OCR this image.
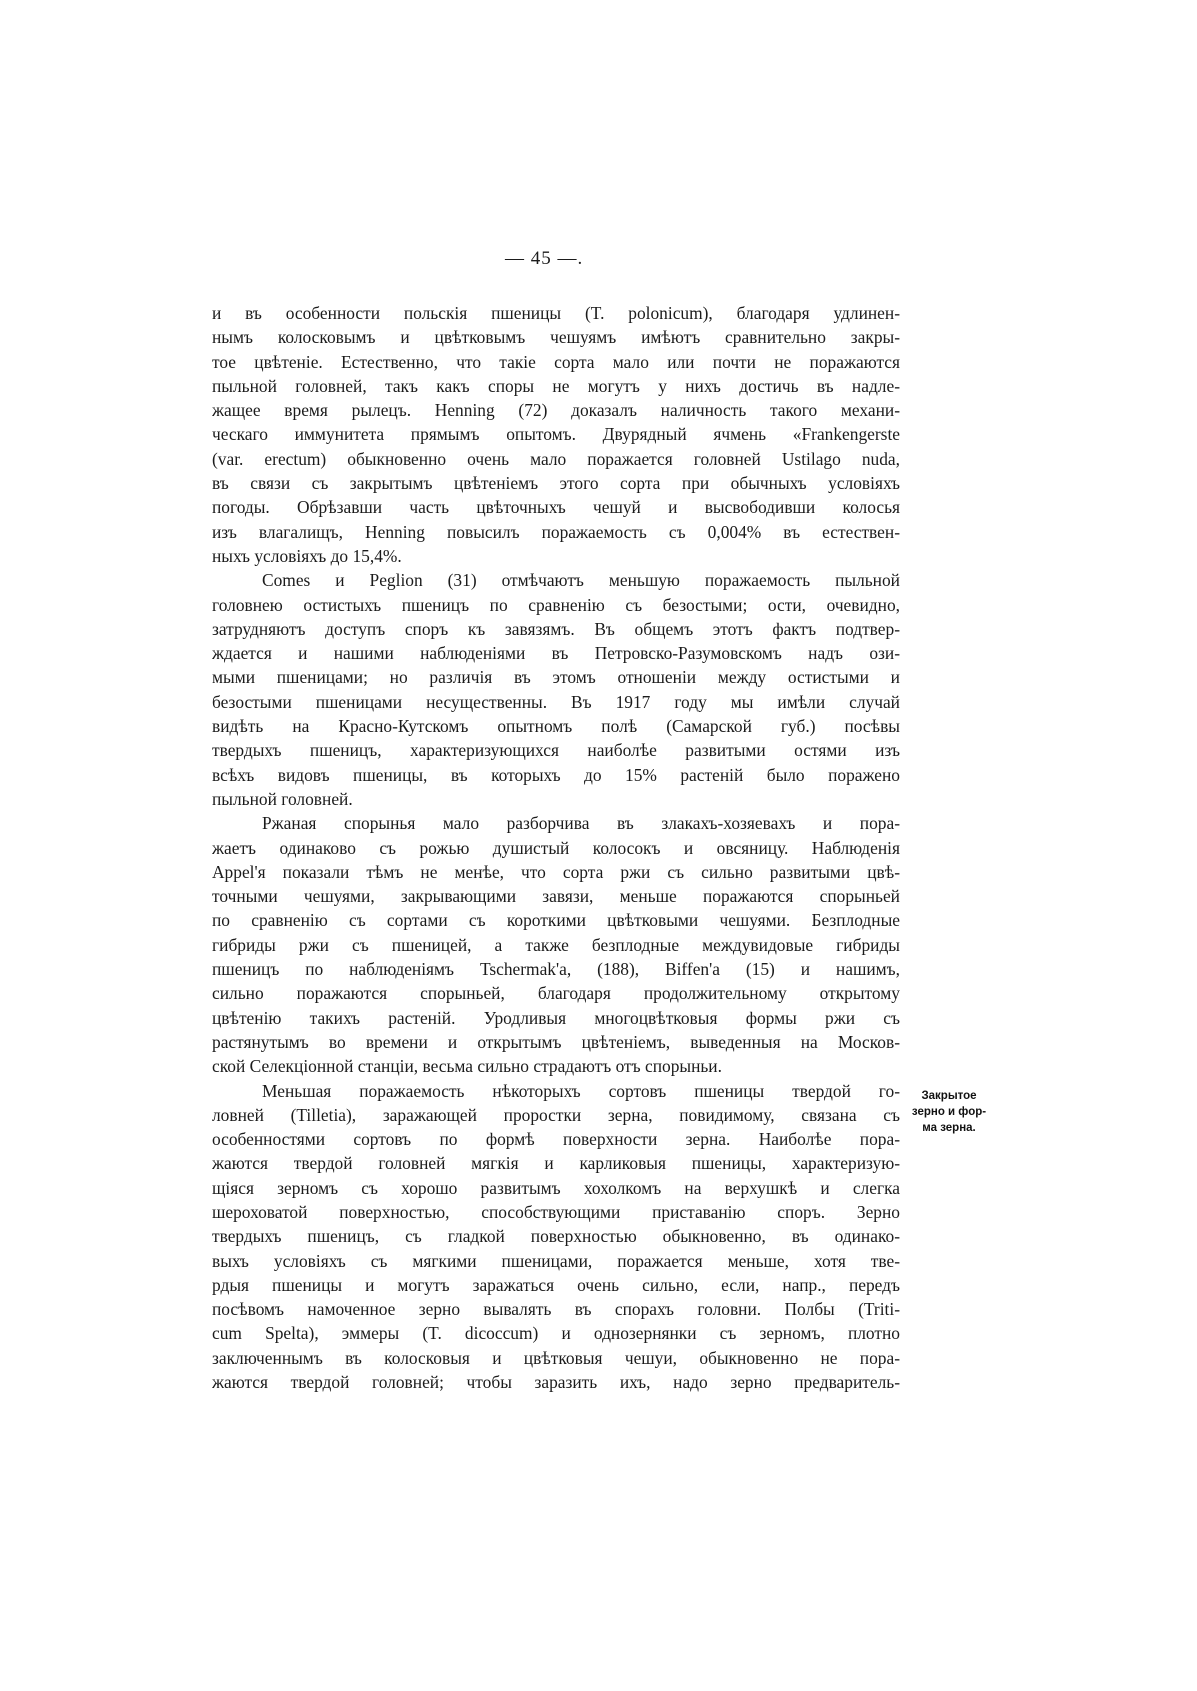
— 45 —.
и въ особенности польскія пшеницы (T. polonicum), благодаря удлинен-
нымъ колосковымъ и цвѣтковымъ чешуямъ имѣютъ сравнительно закры-
тое цвѣтеніе. Естественно, что такіе сорта мало или почти не поражаются
пыльной головней, такъ какъ споры не могутъ у нихъ достичь въ надле-
жащее время рылецъ. Henning (72) доказалъ наличность такого механи-
ческаго иммунитета прямымъ опытомъ. Двурядный ячмень «Frankengerste
(var. erectum) обыкновенно очень мало поражается головней Ustilago nuda,
въ связи съ закрытымъ цвѣтеніемъ этого сорта при обычныхъ условіяхъ
погоды. Обрѣзавши часть цвѣточныхъ чешуй и высвободивши колосья
изъ влагалищъ, Henning повысилъ поражаемость съ 0,004% въ естествен-
ныхъ условіяхъ до 15,4%.
Comes и Peglion (31) отмѣчаютъ меньшую поражаемость пыльной
головнею остистыхъ пшеницъ по сравненію съ безостыми; ости, очевидно,
затрудняютъ доступъ споръ къ завязямъ. Въ общемъ этотъ фактъ подтвер-
ждается и нашими наблюденіями въ Петровско-Разумовскомъ надъ ози-
мыми пшеницами; но различія въ этомъ отношеніи между остистыми и
безостыми пшеницами несущественны. Въ 1917 году мы имѣли случай
видѣть на Красно-Кутскомъ опытномъ полѣ (Самарской губ.) посѣвы
твердыхъ пшеницъ, характеризующихся наиболѣе развитыми остями изъ
всѣхъ видовъ пшеницы, въ которыхъ до 15% растеній было поражено
пыльной головней.
Ржаная спорынья мало разборчива въ злакахъ-хозяевахъ и пора-
жаетъ одинаково съ рожью душистый колосокъ и овсяницу. Наблюденія
Appel'я показали тѣмъ не менѣе, что сорта ржи съ сильно развитыми цвѣ-
точными чешуями, закрывающими завязи, меньше поражаются спорыньей
по сравненію съ сортами съ короткими цвѣтковыми чешуями. Безплодные
гибриды ржи съ пшеницей, а также безплодные междувидовые гибриды
пшеницъ по наблюденіямъ Tschermak'a, (188), Biffen'a (15) и нашимъ,
сильно поражаются спорыньей, благодаря продолжительному открытому
цвѣтенію такихъ растеній. Уродливыя многоцвѣтковыя формы ржи съ
растянутымъ во времени и открытымъ цвѣтеніемъ, выведенныя на Москов-
ской Селекціонной станціи, весьма сильно страдаютъ отъ спорыньи.
Меньшая поражаемость нѣкоторыхъ сортовъ пшеницы твердой го-
ловней (Tilletia), заражающей проростки зерна, повидимому, связана съ
особенностями сортовъ по формѣ поверхности зерна. Наиболѣе пора-
жаются твердой головней мягкія и карликовыя пшеницы, характеризую-
щіяся зерномъ съ хорошо развитымъ хохолкомъ на верхушкѣ и слегка
шероховатой поверхностью, способствующими приставанію споръ. Зерно
твердыхъ пшеницъ, съ гладкой поверхностью обыкновенно, въ одинако-
выхъ условіяхъ съ мягкими пшеницами, поражается меньше, хотя тве-
рдыя пшеницы и могутъ заражаться очень сильно, если, напр., передъ
посѣвомъ намоченное зерно вывалять въ спорахъ головни. Полбы (Triti-
cum Spelta), эммеры (T. dicoccum) и однозернянки съ зерномъ, плотно
заключеннымъ въ колосковыя и цвѣтковыя чешуи, обыкновенно не пора-
жаются твердой головней; чтобы заразить ихъ, надо зерно предваритель-
Закрытое
зерно и фор-
ма зерна.
